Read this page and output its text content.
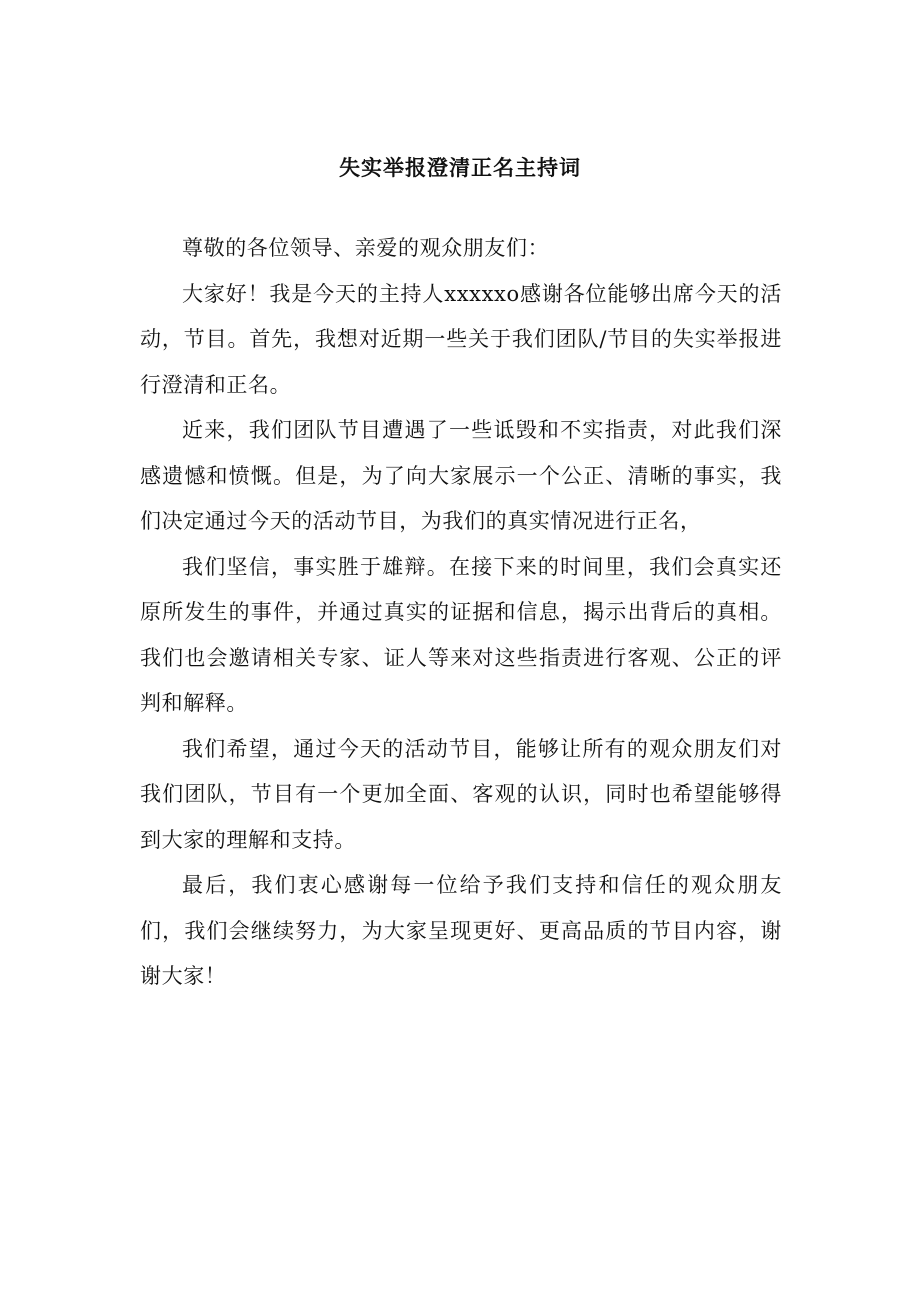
失实举报澄清正名主持词

尊敬的各位领导、亲爱的观众朋友们：

大家好！我是今天的主持人xxxxxo感谢各位能够出席今天的活动，节目。首先，我想对近期一些关于我们团队/节目的失实举报进行澄清和正名。

近来，我们团队节目遭遇了一些诋毁和不实指责，对此我们深感遗憾和愤慨。但是，为了向大家展示一个公正、清晰的事实，我们决定通过今天的活动节目，为我们的真实情况进行正名，

我们坚信，事实胜于雄辩。在接下来的时间里，我们会真实还原所发生的事件，并通过真实的证据和信息，揭示出背后的真相。我们也会邀请相关专家、证人等来对这些指责进行客观、公正的评判和解释。

我们希望，通过今天的活动节目，能够让所有的观众朋友们对我们团队，节目有一个更加全面、客观的认识，同时也希望能够得到大家的理解和支持。

最后，我们衷心感谢每一位给予我们支持和信任的观众朋友们，我们会继续努力，为大家呈现更好、更高品质的节目内容，谢谢大家！
